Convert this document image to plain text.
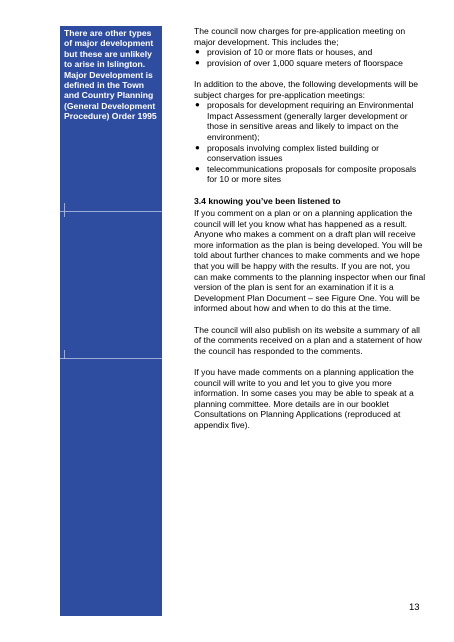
There are other types of major development but these are unlikely to arise in Islington. Major Development is defined in the Town and Country Planning (General Development Procedure) Order 1995

The council now charges for pre-application meeting on major development. This includes the;

● provision of 10 or more flats or houses, and
● provision of over 1,000 square meters of floorspace

In addition to the above, the following developments will be subject charges for pre-application meetings:

● proposals for development requiring an Environmental Impact Assessment (generally larger development or those in sensitive areas and likely to impact on the environment);
● proposals involving complex listed building or conservation issues
● telecommunications proposals for composite proposals for 10 or more sites
3.4 knowing you’ve been listened to

If you comment on a plan or on a planning application the council will let you know what has happened as a result. Anyone who makes a comment on a draft plan will receive more information as the plan is being developed. You will be told about further chances to make comments and we hope that you will be happy with the results. If you are not, you can make comments to the planning inspector when our final version of the plan is sent for an examination if it is a Development Plan Document – see Figure One. You will be informed about how and when to do this at the time.

The council will also publish on its website a summary of all of the comments received on a plan and a statement of how the council has responded to the comments.

If you have made comments on a planning application the council will write to you and let you to give you more information. In some cases you may be able to speak at a planning committee. More details are in our booklet Consultations on Planning Applications (reproduced at appendix five).

13
